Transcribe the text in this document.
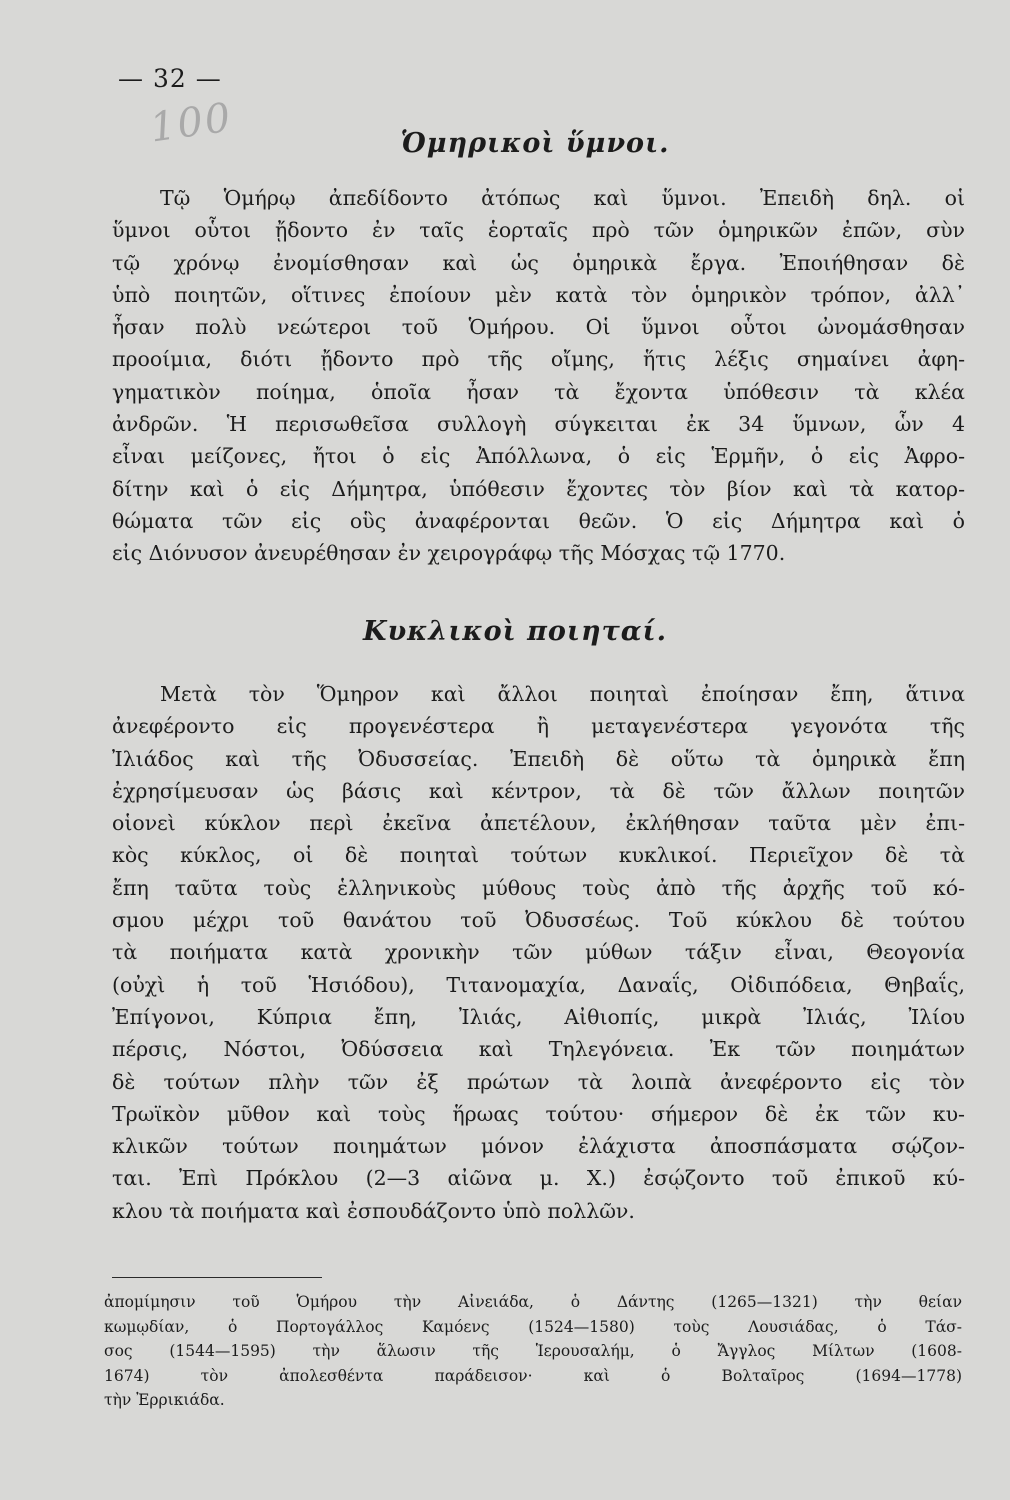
— 32 —
100	Ὁμηρικοὶ ὕμνοι.
Τῷ Ὁμήρῳ ἀπεδίδοντο ἀτόπως καὶ ὕμνοι. Ἐπειδὴ δηλ. οἱ
ὕμνοι οὗτοι ᾔδοντο ἐν ταῖς ἑορταῖς πρὸ τῶν ὁμηρικῶν ἐπῶν, σὺν
τῷ χρόνῳ ἐνομίσθησαν καὶ ὡς ὁμηρικὰ ἔργα. Ἐποιήθησαν δὲ
ὑπὸ ποιητῶν, οἵτινες ἐποίουν μὲν κατὰ τὸν ὁμηρικὸν τρόπον, ἀλλ᾽
ἦσαν πολὺ νεώτεροι τοῦ Ὁμήρου. Οἱ ὕμνοι οὗτοι ὠνομάσθησαν
προοίμια, διότι ᾔδοντο πρὸ τῆς οἴμης, ἥτις λέξις σημαίνει ἀφη-
γηματικὸν ποίημα, ὁποῖα ἦσαν τὰ ἔχοντα ὑπόθεσιν τὰ κλέα
ἀνδρῶν. Ἡ περισωθεῖσα συλλογὴ σύγκειται ἐκ 34 ὕμνων, ὧν 4
εἶναι μείζονες, ἤτοι ὁ εἰς Ἀπόλλωνα, ὁ εἰς Ἑρμῆν, ὁ εἰς Ἀφρο-
δίτην καὶ ὁ εἰς Δήμητρα, ὑπόθεσιν ἔχοντες τὸν βίον καὶ τὰ κατορ-
θώματα τῶν εἰς οὓς ἀναφέρονται θεῶν. Ὁ εἰς Δήμητρα καὶ ὁ
εἰς Διόνυσον ἀνευρέθησαν ἐν χειρογράφῳ τῆς Μόσχας τῷ 1770.
Κυκλικοὶ ποιηταί.
Μετὰ τὸν Ὅμηρον καὶ ἄλλοι ποιηταὶ ἐποίησαν ἔπη, ἅτινα
ἀνεφέροντο εἰς προγενέστερα ἢ μεταγενέστερα γεγονότα τῆς
Ἰλιάδος καὶ τῆς Ὀδυσσείας. Ἐπειδὴ δὲ οὕτω τὰ ὁμηρικὰ ἔπη
ἐχρησίμευσαν ὡς βάσις καὶ κέντρον, τὰ δὲ τῶν ἄλλων ποιητῶν
οἱονεὶ κύκλον περὶ ἐκεῖνα ἀπετέλουν, ἐκλήθησαν ταῦτα μὲν ἐπι-
κὸς κύκλος, οἱ δὲ ποιηταὶ τούτων κυκλικοί. Περιεῖχον δὲ τὰ
ἔπη ταῦτα τοὺς ἑλληνικοὺς μύθους τοὺς ἀπὸ τῆς ἀρχῆς τοῦ κό-
σμου μέχρι τοῦ θανάτου τοῦ Ὀδυσσέως. Τοῦ κύκλου δὲ τούτου
τὰ ποιήματα κατὰ χρονικὴν τῶν μύθων τάξιν εἶναι, Θεογονία
(οὐχὶ ἡ τοῦ Ἡσιόδου), Τιτανομαχία, Δαναΐς, Οἰδιπόδεια, Θηβαΐς,
Ἐπίγονοι, Κύπρια ἔπη, Ἰλιάς, Αἰθιοπίς, μικρὰ Ἰλιάς, Ἰλίου
πέρσις, Νόστοι, Ὀδύσσεια καὶ Τηλεγόνεια. Ἐκ τῶν ποιημάτων
δὲ τούτων πλὴν τῶν ἐξ πρώτων τὰ λοιπὰ ἀνεφέροντο εἰς τὸν
Τρωϊκὸν μῦθον καὶ τοὺς ἥρωας τούτου· σήμερον δὲ ἐκ τῶν κυ-
κλικῶν τούτων ποιημάτων μόνον ἐλάχιστα ἀποσπάσματα σῴζον-
ται. Ἐπὶ Πρόκλου (2—3 αἰῶνα μ. Χ.) ἐσῴζοντο τοῦ ἐπικοῦ κύ-
κλου τὰ ποιήματα καὶ ἐσπουδάζοντο ὑπὸ πολλῶν.
ἀπομίμησιν τοῦ Ὁμήρου τὴν Αἰνειάδα, ὁ Δάντης (1265—1321) τὴν θείαν
κωμῳδίαν, ὁ Πορτογάλλος Καμόενς (1524—1580) τοὺς Λουσιάδας, ὁ Τάσ-
σος (1544—1595) τὴν ἅλωσιν τῆς Ἱερουσαλήμ, ὁ Ἄγγλος Μίλτων (1608-
1674) τὸν ἀπολεσθέντα παράδεισον· καὶ ὁ Βολταῖρος (1694—1778)
τὴν Ἐρρικιάδα.
